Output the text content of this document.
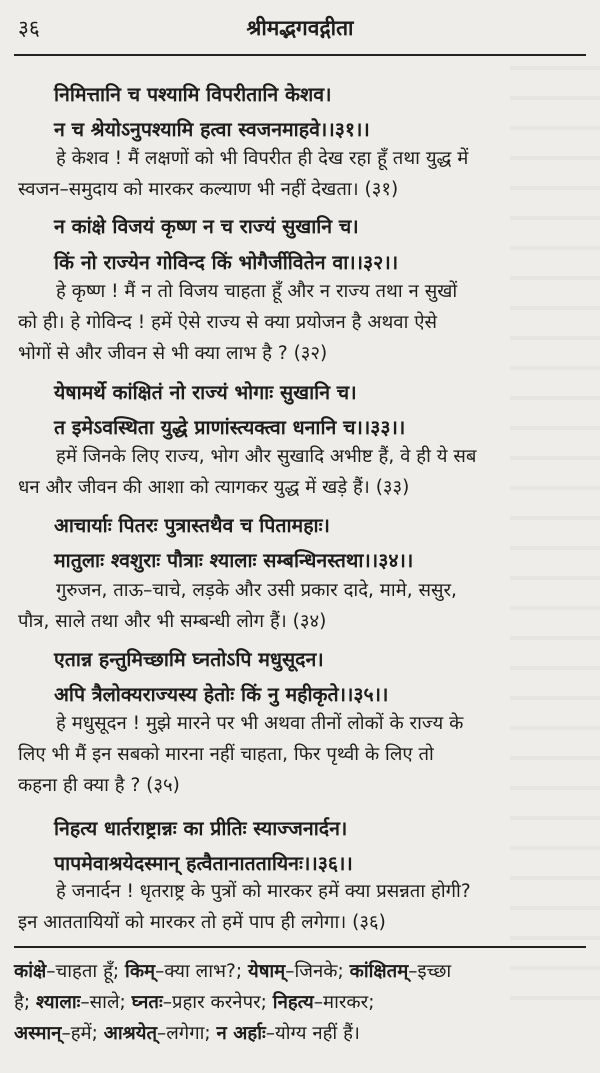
३६	श्रीमद्भगवद्गीता
निमित्तानि च पश्यामि विपरीतानि केशव।
न च श्रेयोऽनुपश्यामि हत्वा स्वजनमाहवे।।३१।।

हे केशव ! मैं लक्षणों को भी विपरीत ही देख रहा हूँ तथा युद्ध में

स्वजन–समुदाय को मारकर कल्याण भी नहीं देखता। (३१)

न कांक्षे विजयं कृष्ण न च राज्यं सुखानि च।
किं नो राज्येन गोविन्द किं भोगैर्जीवितेन वा।।३२।।

हे कृष्ण ! मैं न तो विजय चाहता हूँ और न राज्य तथा न सुखों

को ही। हे गोविन्द ! हमें ऐसे राज्य से क्या प्रयोजन है अथवा ऐसे

भोगों से और जीवन से भी क्या लाभ है ? (३२)

येषामर्थे कांक्षितं नो राज्यं भोगाः सुखानि च।
त इमेऽवस्थिता युद्धे प्राणांस्त्यक्त्वा धनानि च।।३३।।

हमें जिनके लिए राज्य, भोग और सुखादि अभीष्ट हैं, वे ही ये सब

धन और जीवन की आशा को त्यागकर युद्ध में खड़े हैं। (३३)

आचार्याः पितरः पुत्रास्तथैव च पितामहाः।
मातुलाः श्वशुराः पौत्राः श्यालाः सम्बन्धिनस्तथा।।३४।।

गुरुजन, ताऊ–चाचे, लड़के और उसी प्रकार दादे, मामे, ससुर,

पौत्र, साले तथा और भी सम्बन्धी लोग हैं। (३४)

एतान्न हन्तुमिच्छामि घ्नतोऽपि मधुसूदन।
अपि त्रैलोक्यराज्यस्य हेतोः किं नु महीकृते।।३५।।

हे मधुसूदन ! मुझे मारने पर भी अथवा तीनों लोकों के राज्य के

लिए भी मैं इन सबको मारना नहीं चाहता, फिर पृथ्वी के लिए तो

कहना ही क्या है ? (३५)

निहत्य धार्तराष्ट्रान्नः का प्रीतिः स्याज्जनार्दन।
पापमेवाश्रयेदस्मान् हत्वैतानाततायिनः।।३६।।

हे जनार्दन ! धृतराष्ट्र के पुत्रों को मारकर हमें क्या प्रसन्नता होगी?

इन आततायियों को मारकर तो हमें पाप ही लगेगा। (३६)

कांक्षे–चाहता हूँ; किम्–क्या लाभ?; येषाम्–जिनके; कांक्षितम्–इच्छा

है; श्यालाः–साले; घ्नतः–प्रहार करनेपर; निहत्य–मारकर;

अस्मान्–हमें; आश्रयेत्–लगेगा; न अर्हाः–योग्य नहीं हैं।
